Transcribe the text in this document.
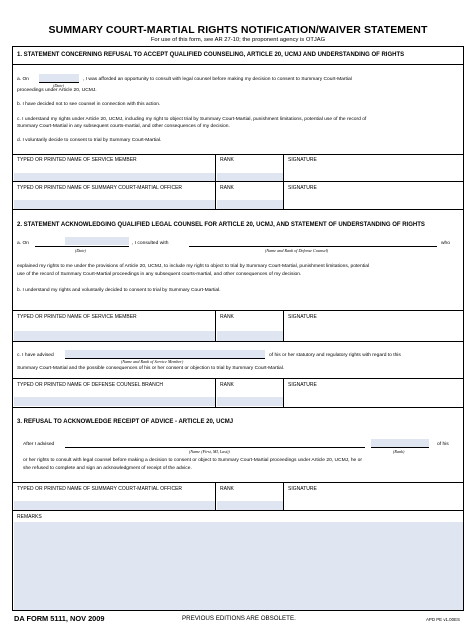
SUMMARY COURT-MARTIAL RIGHTS NOTIFICATION/WAIVER STATEMENT
For use of this form, see AR 27-10; the proponent agency is OTJAG
1. STATEMENT CONCERNING REFUSAL TO ACCEPT QUALIFIED COUNSELING, ARTICLE 20, UCMJ AND UNDERSTANDING OF RIGHTS
a. On
(Date)
, I was afforded an opportunity to consult with legal counsel before making my decision to consent to Summary Court-Martial
proceedings under Article 20, UCMJ.
b. I have decided not to see counsel in connection with this action.
c. I understand my rights under Article 20, UCMJ, including my right to object trial by Summary Court-Martial, punishment limitations, potential use of the record of
Summary Court-Martial in any subsequent courts-martial, and other consequences of my decision.
d. I voluntarily decide to consent to trial by Summary Court-Martial.
TYPED OR PRINTED NAME OF SERVICE MEMBER	RANK	SIGNATURE
TYPED OR PRINTED NAME OF SUMMARY COURT-MARTIAL OFFICER	RANK	SIGNATURE
2. STATEMENT ACKNOWLEDGING QUALIFIED LEGAL COUNSEL FOR ARTICLE 20, UCMJ, AND STATEMENT OF UNDERSTANDING OF RIGHTS
a. On
(Date)
, I consulted with
(Name and Rank of Defense Counsel)
who
explained my rights to me under the provisions of Article 20, UCMJ, to include my right to object to trial by Summary Court-Martial, punishment limitations, potential
use of the record of Summary Court-Martial proceedings in any subsequent courts-martial, and other consequences of my decision.
b. I understand my rights and voluntarily decided to consent to trial by Summary Court-Martial.
TYPED OR PRINTED NAME OF SERVICE MEMBER	RANK	SIGNATURE
c. I have advised
(Name and Rank of Service Member)
of his or her statutory and regulatory rights with regard to this
Summary Court-Martial and the possible consequences of his or her consent or objection to trial by Summary Court-Martial.
TYPED OR PRINTED NAME OF DEFENSE COUNSEL BRANCH	RANK	SIGNATURE
3. REFUSAL TO ACKNOWLEDGE RECEIPT OF ADVICE - ARTICLE 20, UCMJ
After I advised
(Name (First, MI, Last))	(Rank)
of his
or her rights to consult with legal counsel before making a decision to consent or object to Summary Court-Martial proceedings under Article 20, UCMJ, he or
she refused to complete and sign an acknowledgment of receipt of the advice.
TYPED OR PRINTED NAME OF SUMMARY COURT-MARTIAL OFFICER	RANK	SIGNATURE
REMARKS
DA FORM 5111, NOV 2009	PREVIOUS EDITIONS ARE OBSOLETE.	APD PE v1.00ES
